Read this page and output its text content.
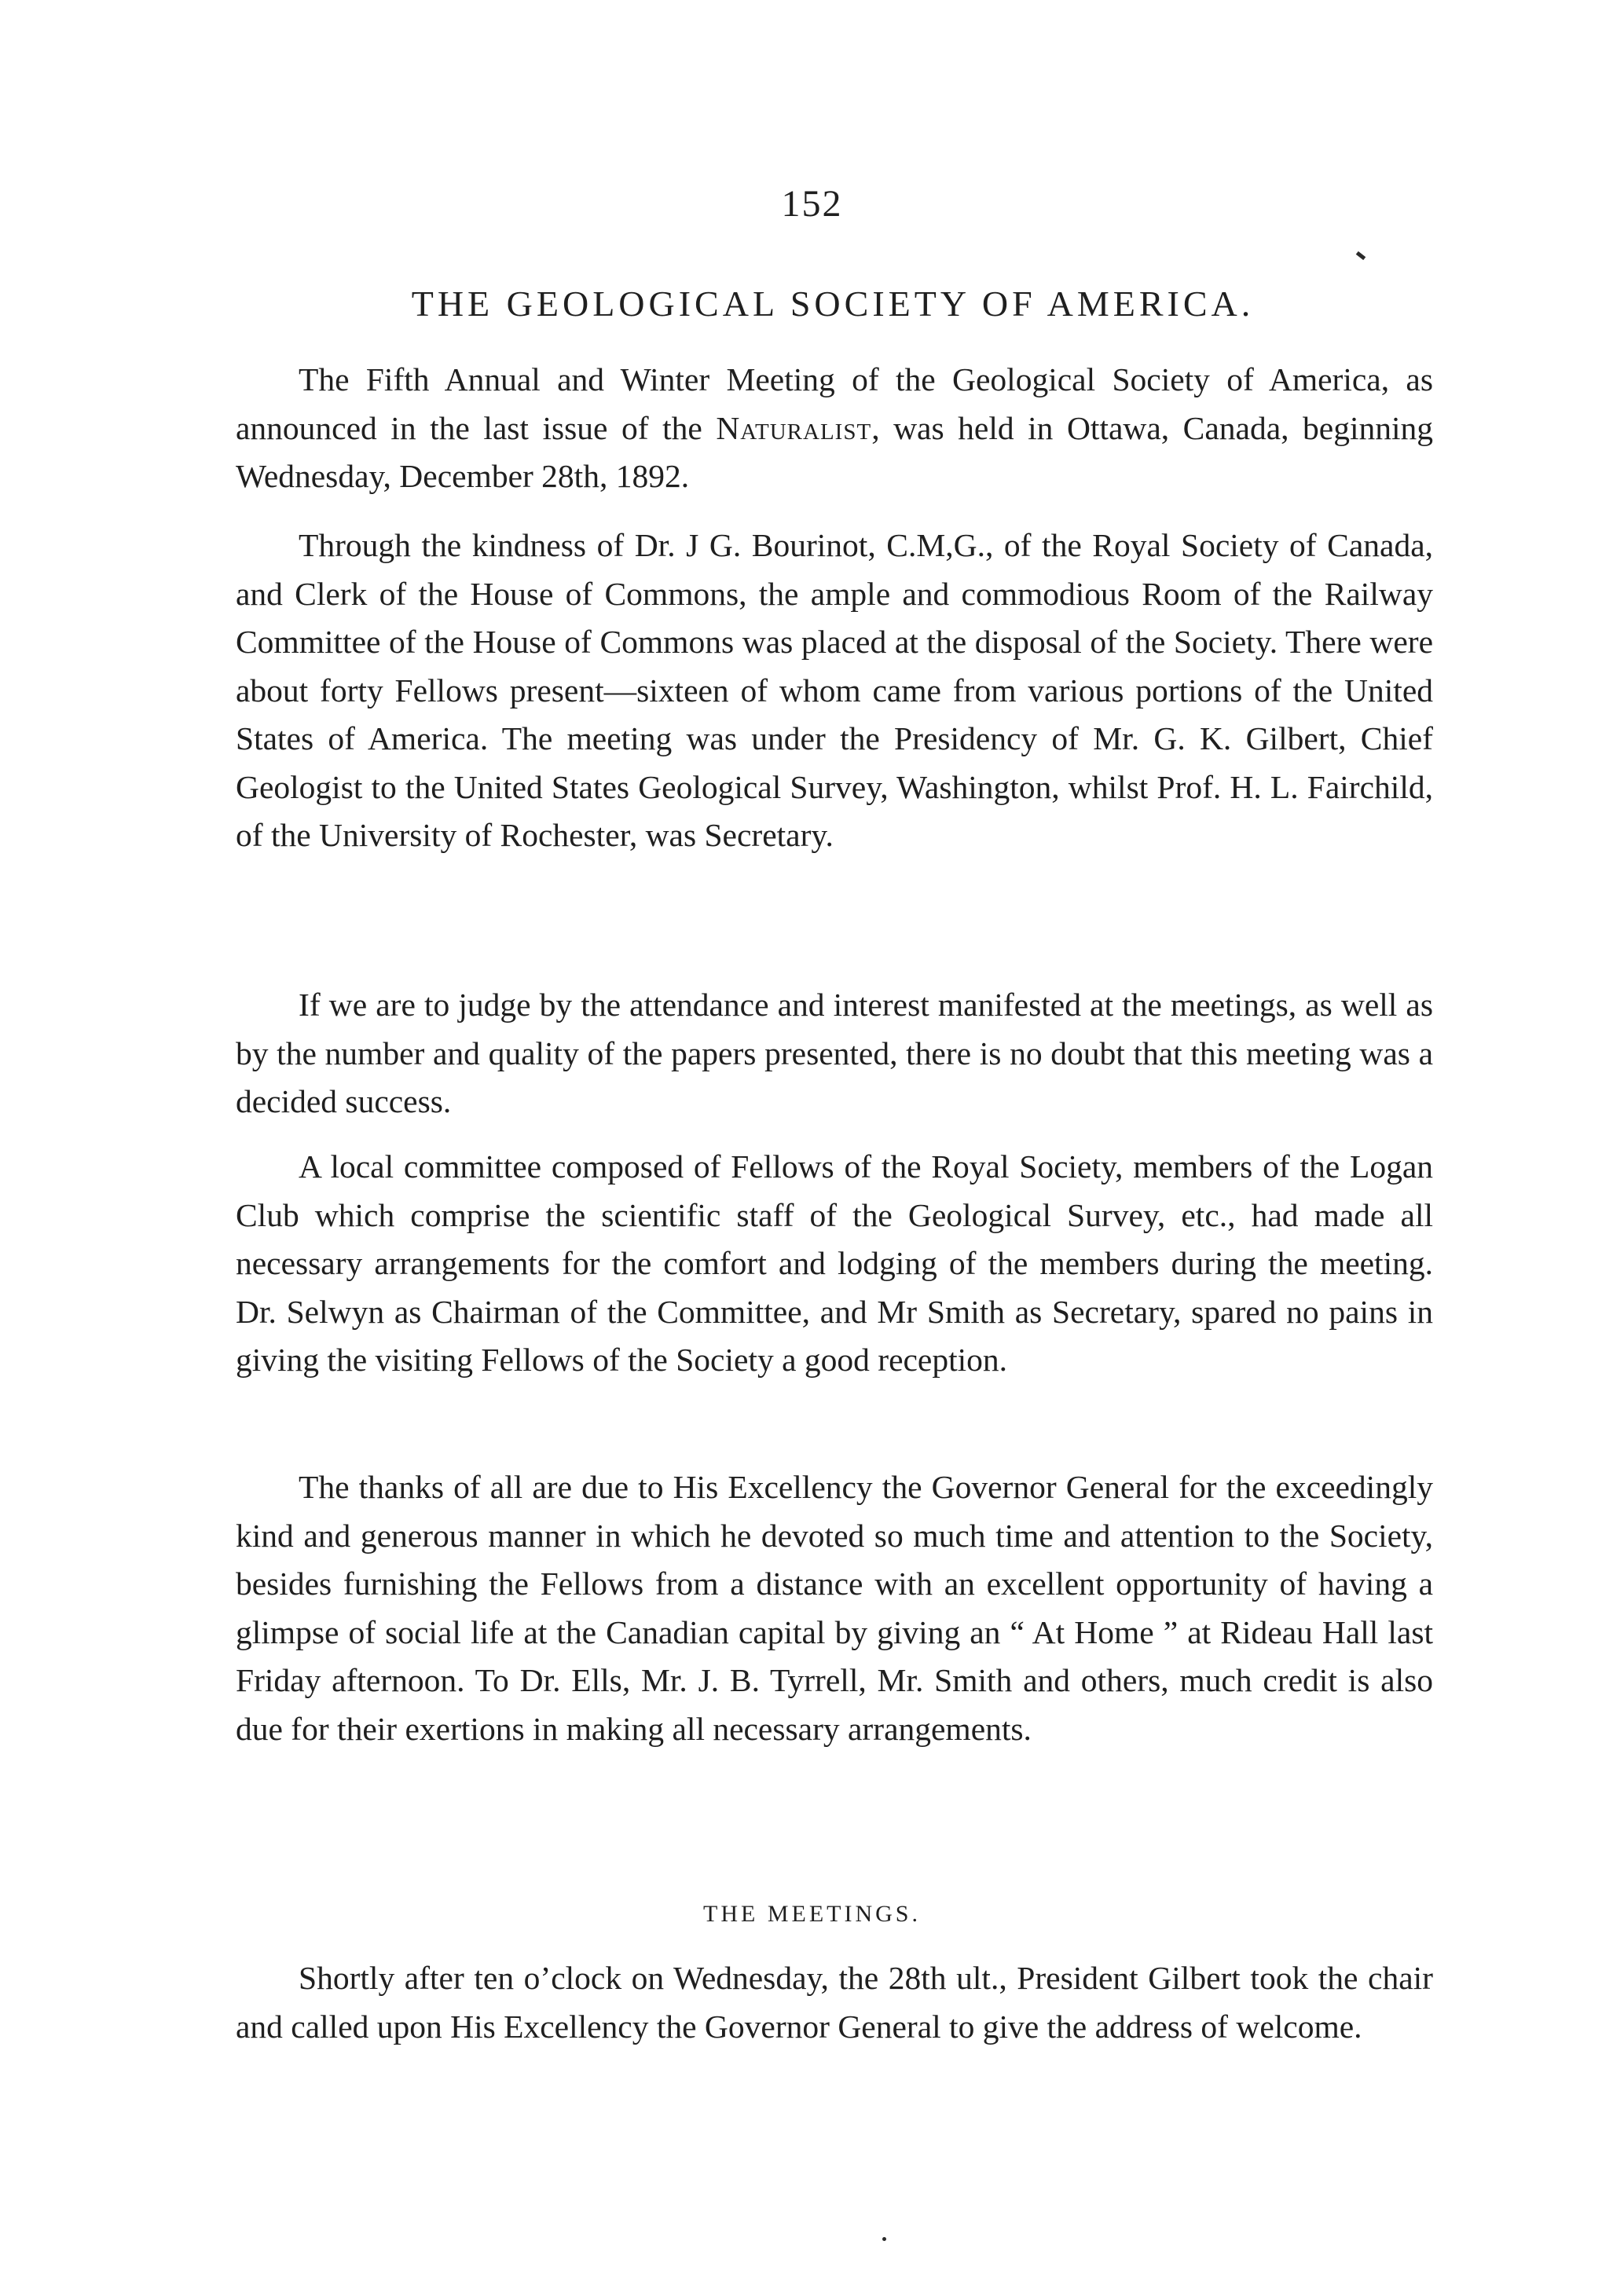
152
THE GEOLOGICAL SOCIETY OF AMERICA.

The Fifth Annual and Winter Meeting of the Geological Society of America, as announced in the last issue of the Naturalist, was held in Ottawa, Canada, beginning Wednesday, December 28th, 1892.

Through the kindness of Dr. J G. Bourinot, C.M,G., of the Royal Society of Canada, and Clerk of the House of Commons, the ample and commodious Room of the Railway Committee of the House of Commons was placed at the disposal of the Society. There were about forty Fellows present—sixteen of whom came from various portions of the United States of America. The meeting was under the Presidency of Mr. G. K. Gilbert, Chief Geologist to the United States Geological Survey, Washington, whilst Prof. H. L. Fairchild, of the University of Rochester, was Secretary.

If we are to judge by the attendance and interest manifested at the meetings, as well as by the number and quality of the papers presented, there is no doubt that this meeting was a decided success.

A local committee composed of Fellows of the Royal Society, members of the Logan Club which comprise the scientific staff of the Geological Survey, etc., had made all necessary arrangements for the comfort and lodging of the members during the meeting. Dr. Selwyn as Chairman of the Committee, and Mr Smith as Secretary, spared no pains in giving the visiting Fellows of the Society a good reception.

The thanks of all are due to His Excellency the Governor General for the exceedingly kind and generous manner in which he devoted so much time and attention to the Society, besides furnishing the Fellows from a distance with an excellent opportunity of having a glimpse of social life at the Canadian capital by giving an “ At Home ” at Rideau Hall last Friday afternoon. To Dr. Ells, Mr. J. B. Tyrrell, Mr. Smith and others, much credit is also due for their exertions in making all necessary arrangements.

THE MEETINGS.

Shortly after ten o’clock on Wednesday, the 28th ult., President Gilbert took the chair and called upon His Excellency the Governor General to give the address of welcome.
